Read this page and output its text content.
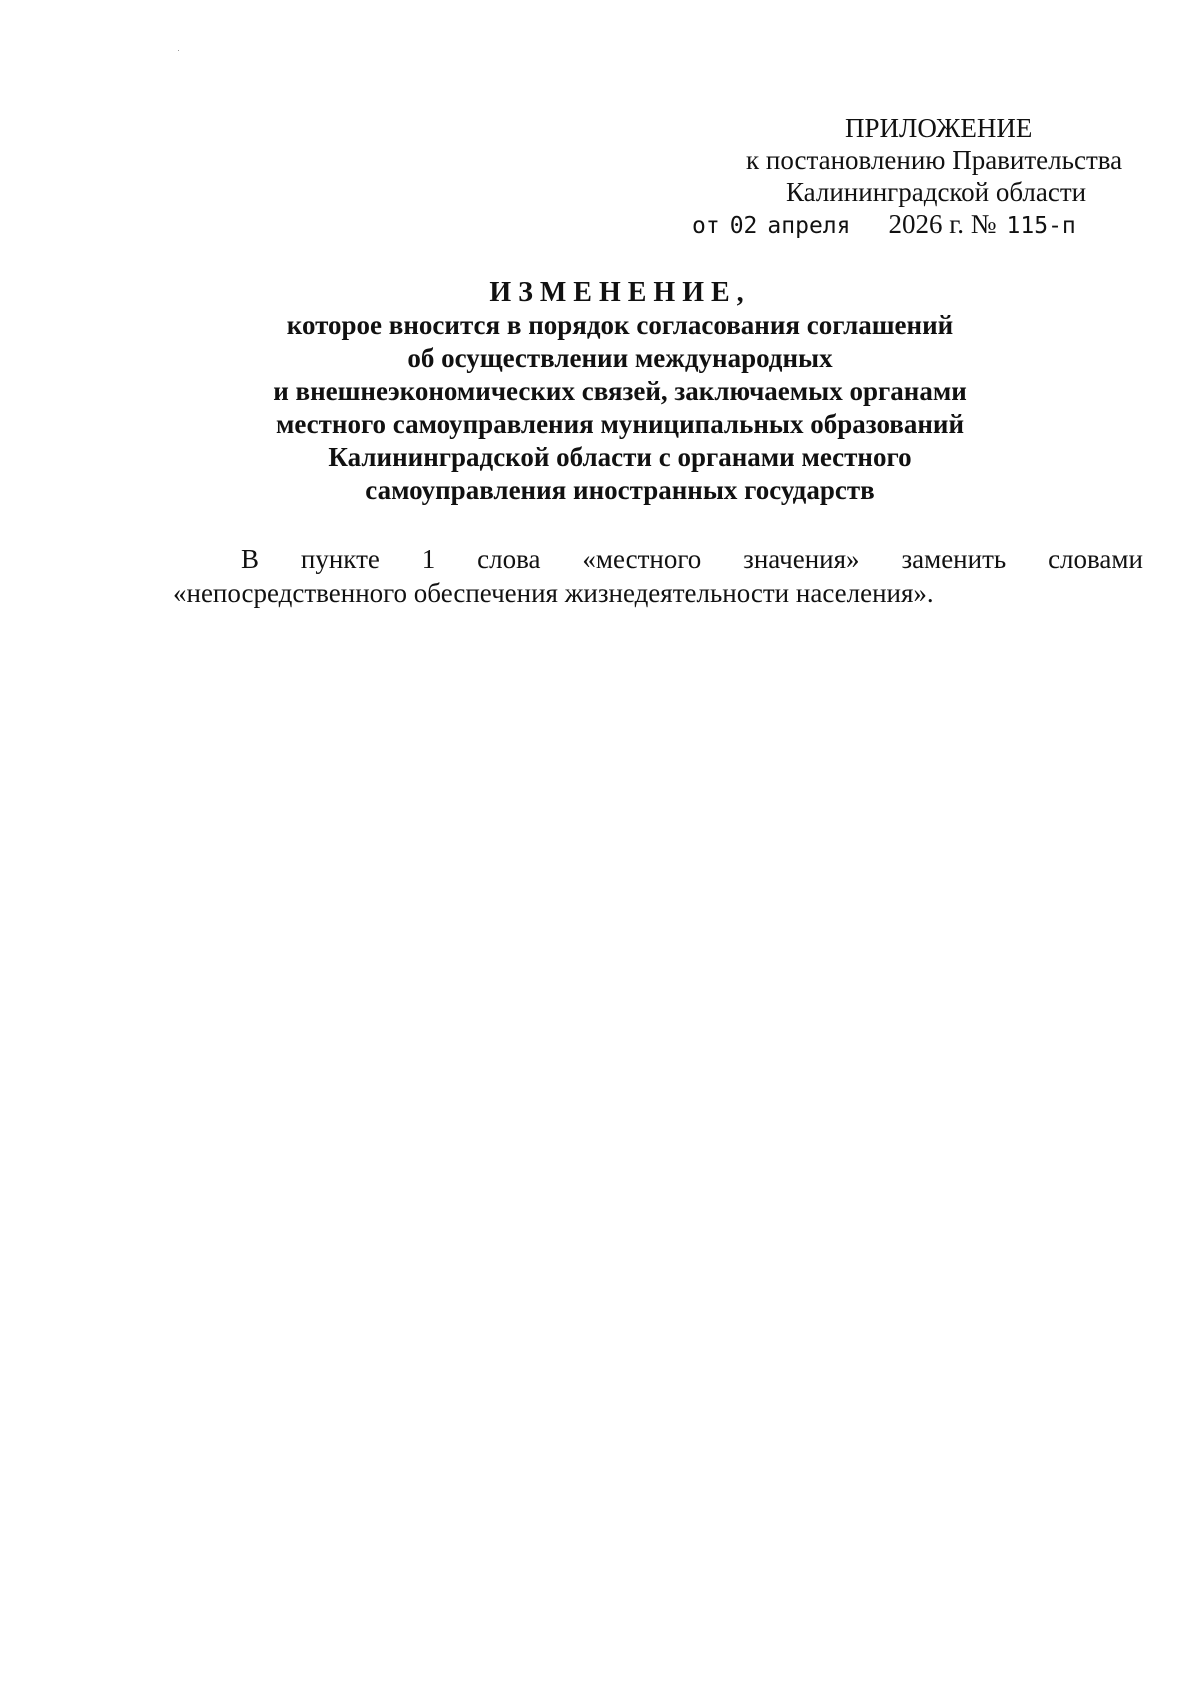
ПРИЛОЖЕНИЕ
к постановлению Правительства
Калининградской области
от 02 апреля 2026 г. № 115-п
ИЗМЕНЕНИЕ,
которое вносится в порядок согласования соглашений
об осуществлении международных
и внешнеэкономических связей, заключаемых органами
местного самоуправления муниципальных образований
Калининградской области с органами местного
самоуправления иностранных государств
В пункте 1 слова «местного значения» заменить словами
«непосредственного обеспечения жизнедеятельности населения».
